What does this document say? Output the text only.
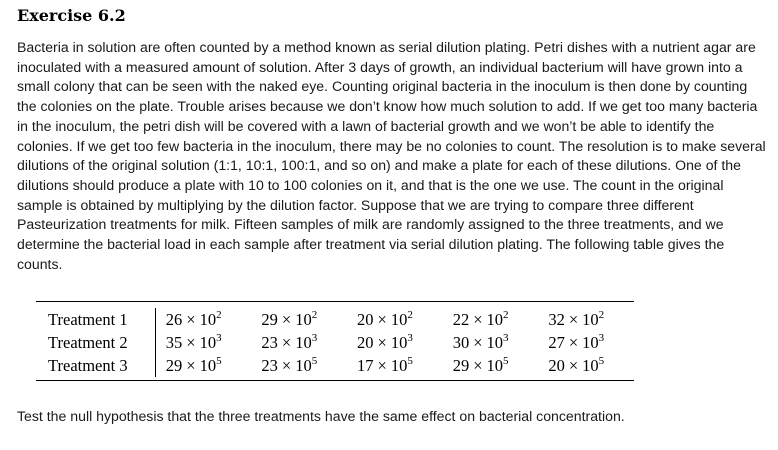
Exercise 6.2
Bacteria in solution are often counted by a method known as serial dilution plating. Petri dishes with a nutrient agar are inoculated with a measured amount of solution. After 3 days of growth, an individual bacterium will have grown into a small colony that can be seen with the naked eye. Counting original bacteria in the inoculum is then done by counting the colonies on the plate. Trouble arises because we don’t know how much solution to add. If we get too many bacteria in the inoculum, the petri dish will be covered with a lawn of bacterial growth and we won’t be able to identify the colonies. If we get too few bacteria in the inoculum, there may be no colonies to count. The resolution is to make several dilutions of the original solution (1:1, 10:1, 100:1, and so on) and make a plate for each of these dilutions. One of the dilutions should produce a plate with 10 to 100 colonies on it, and that is the one we use. The count in the original sample is obtained by multiplying by the dilution factor. Suppose that we are trying to compare three different Pasteurization treatments for milk. Fifteen samples of milk are randomly assigned to the three treatments, and we determine the bacterial load in each sample after treatment via serial dilution plating. The following table gives the counts.
Treatment 1	$26 \times 10^2$	$29 \times 10^2$	$20 \times 10^2$	$22 \times 10^2$	$32 \times 10^2$
Treatment 2	$35 \times 10^3$	$23 \times 10^3$	$20 \times 10^3$	$30 \times 10^3$	$27 \times 10^3$
Treatment 3	$29 \times 10^5$	$23 \times 10^5$	$17 \times 10^5$	$29 \times 10^5$	$20 \times 10^5$
Test the null hypothesis that the three treatments have the same effect on bacterial concentration.
